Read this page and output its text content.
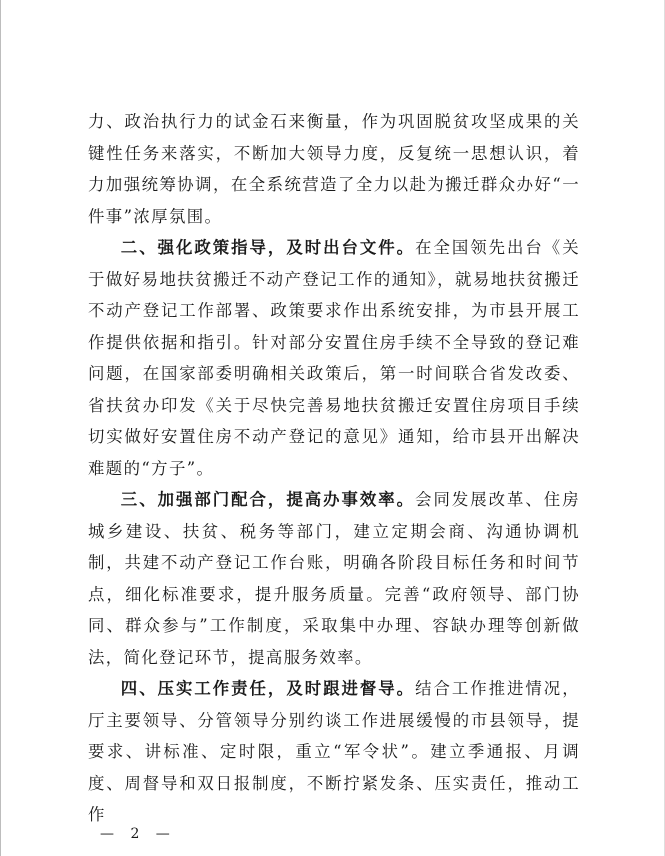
力、政治执行力的试金石来衡量，作为巩固脱贫攻坚成果的关键性任务来落实，不断加大领导力度，反复统一思想认识，着力加强统筹协调，在全系统营造了全力以赴为搬迁群众办好“一件事”浓厚氛围。

二、强化政策指导，及时出台文件。在全国领先出台《关于做好易地扶贫搬迁不动产登记工作的通知》，就易地扶贫搬迁不动产登记工作部署、政策要求作出系统安排，为市县开展工作提供依据和指引。针对部分安置住房手续不全导致的登记难问题，在国家部委明确相关政策后，第一时间联合省发改委、省扶贫办印发《关于尽快完善易地扶贫搬迁安置住房项目手续切实做好安置住房不动产登记的意见》通知，给市县开出解决难题的“方子”。

三、加强部门配合，提高办事效率。会同发展改革、住房城乡建设、扶贫、税务等部门，建立定期会商、沟通协调机制，共建不动产登记工作台账，明确各阶段目标任务和时间节点，细化标准要求，提升服务质量。完善“政府领导、部门协同、群众参与”工作制度，采取集中办理、容缺办理等创新做法，简化登记环节，提高服务效率。

四、压实工作责任，及时跟进督导。结合工作推进情况，厅主要领导、分管领导分别约谈工作进展缓慢的市县领导，提要求、讲标准、定时限，重立“军令状”。建立季通报、月调度、周督导和双日报制度，不断拧紧发条、压实责任，推动工作

— 2 —
